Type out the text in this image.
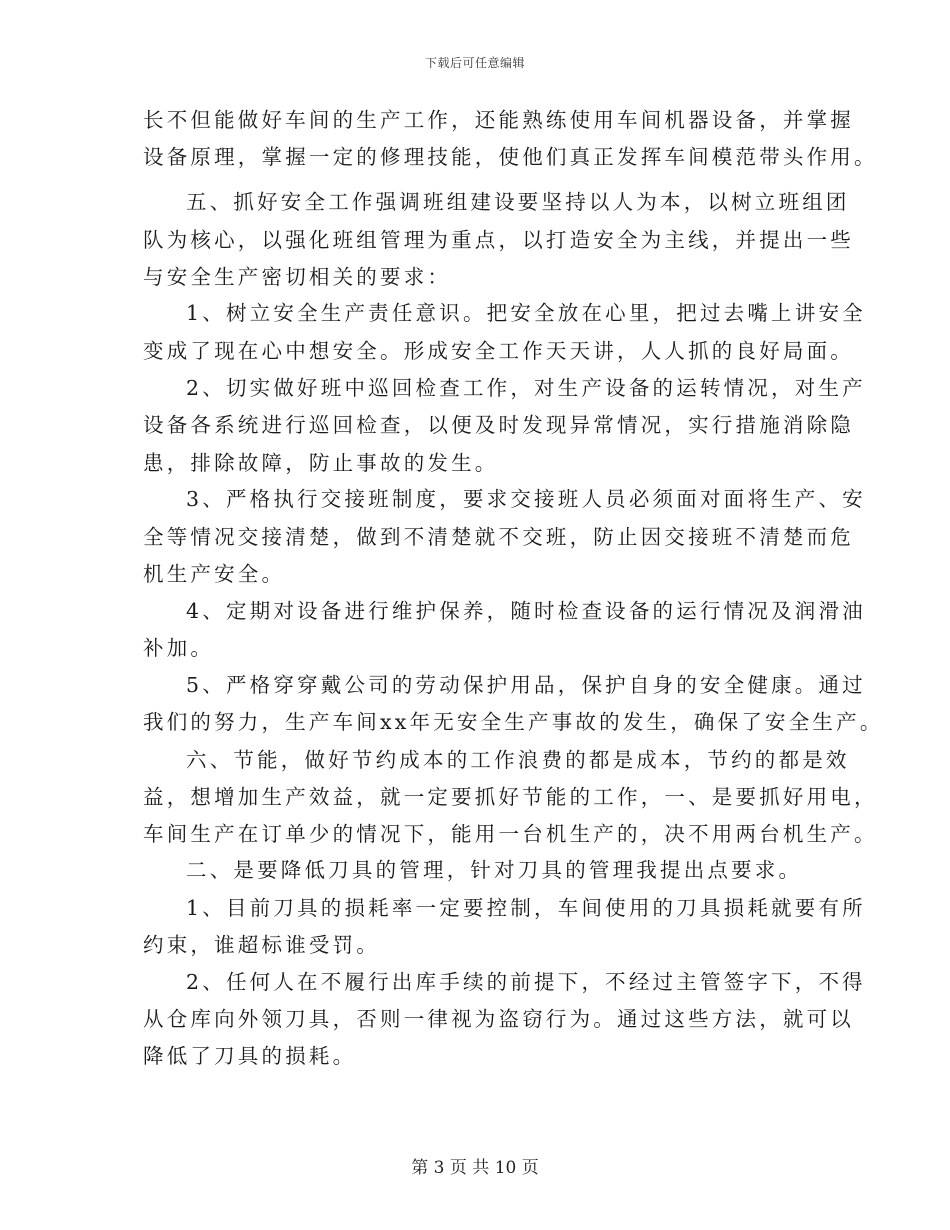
下载后可任意编辑
长不但能做好车间的生产工作，还能熟练使用车间机器设备，并掌握
设备原理，掌握一定的修理技能，使他们真正发挥车间模范带头作用。
五、抓好安全工作强调班组建设要坚持以人为本，以树立班组团
队为核心，以强化班组管理为重点，以打造安全为主线，并提出一些
与安全生产密切相关的要求：
1、树立安全生产责任意识。把安全放在心里，把过去嘴上讲安全
变成了现在心中想安全。形成安全工作天天讲，人人抓的良好局面。
2、切实做好班中巡回检查工作，对生产设备的运转情况，对生产
设备各系统进行巡回检查，以便及时发现异常情况，实行措施消除隐
患，排除故障，防止事故的发生。
3、严格执行交接班制度，要求交接班人员必须面对面将生产、安
全等情况交接清楚，做到不清楚就不交班，防止因交接班不清楚而危
机生产安全。
4、定期对设备进行维护保养，随时检查设备的运行情况及润滑油
补加。
5、严格穿穿戴公司的劳动保护用品，保护自身的安全健康。通过
我们的努力，生产车间xx年无安全生产事故的发生，确保了安全生产。
六、节能，做好节约成本的工作浪费的都是成本，节约的都是效
益，想增加生产效益，就一定要抓好节能的工作，一、是要抓好用电，
车间生产在订单少的情况下，能用一台机生产的，决不用两台机生产。
二、是要降低刀具的管理，针对刀具的管理我提出点要求。
1、目前刀具的损耗率一定要控制，车间使用的刀具损耗就要有所
约束，谁超标谁受罚。
2、任何人在不履行出库手续的前提下，不经过主管签字下，不得
从仓库向外领刀具，否则一律视为盗窃行为。通过这些方法，就可以
降低了刀具的损耗。
第 3 页 共 10 页
